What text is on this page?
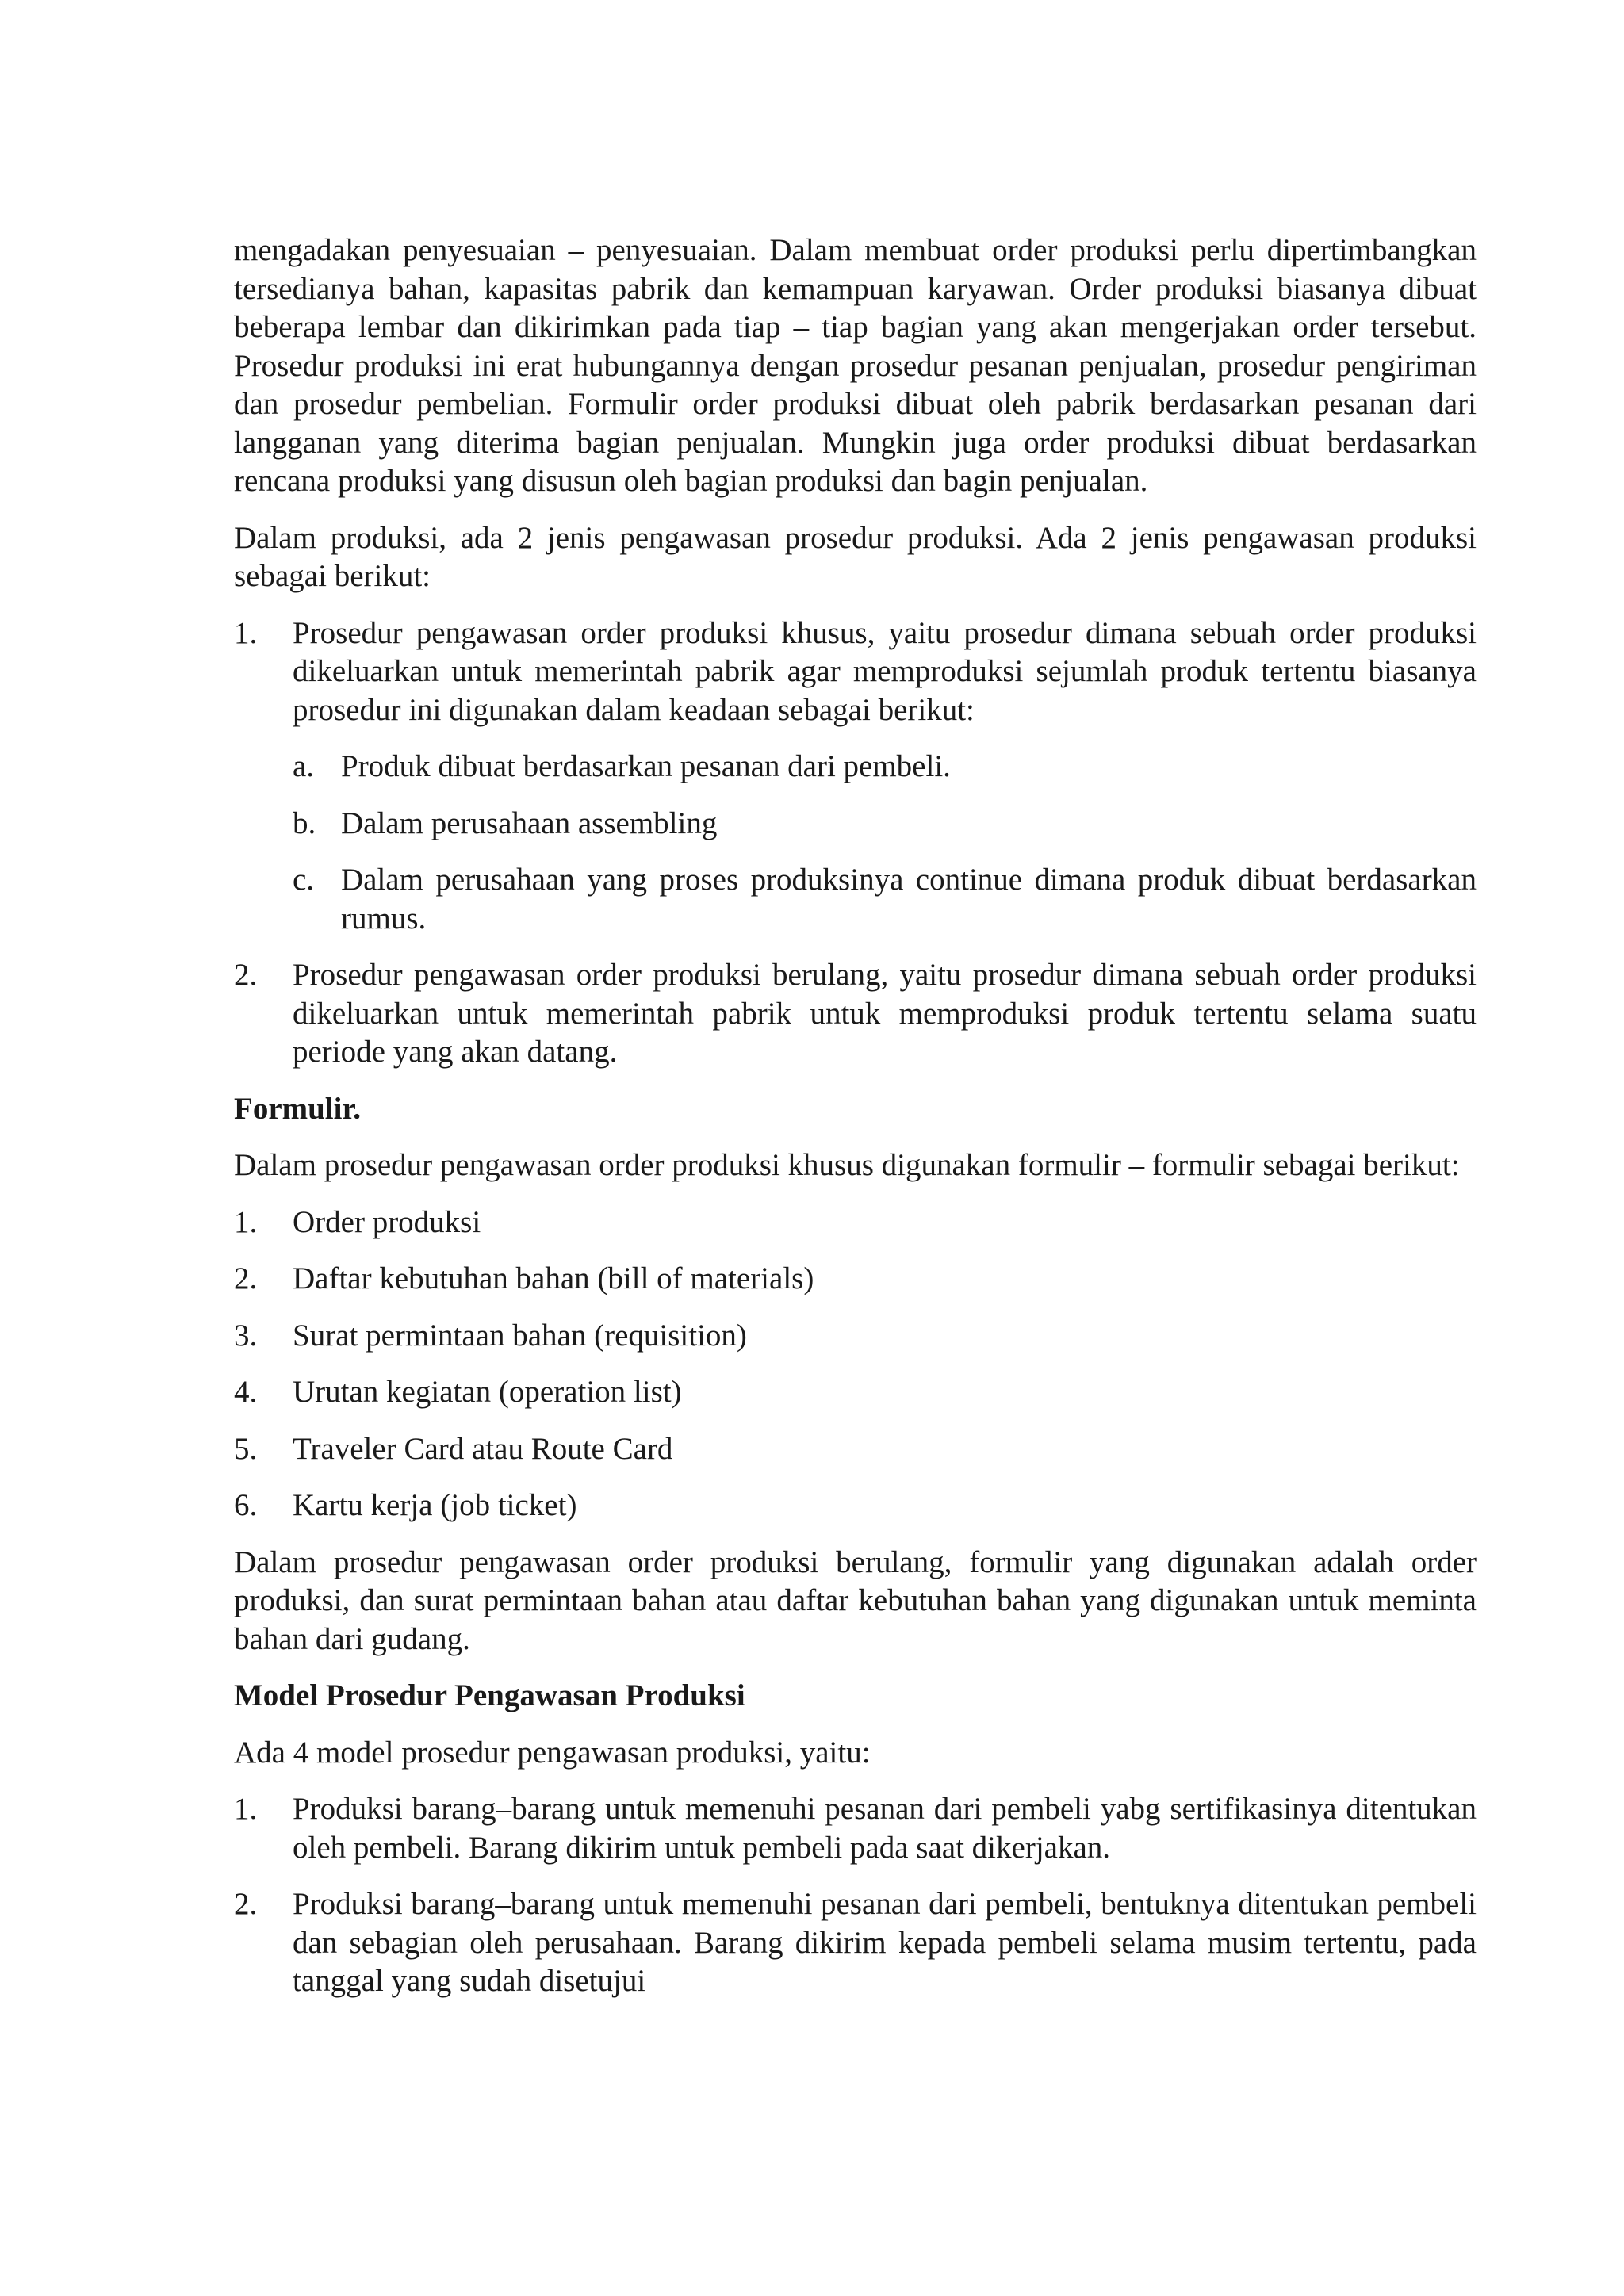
mengadakan penyesuaian – penyesuaian. Dalam membuat order produksi perlu dipertimbangkan tersedianya bahan, kapasitas pabrik dan kemampuan karyawan. Order produksi biasanya dibuat beberapa lembar dan dikirimkan pada tiap – tiap bagian yang akan mengerjakan order tersebut. Prosedur produksi ini erat hubungannya dengan prosedur pesanan penjualan, prosedur pengiriman dan prosedur pembelian. Formulir order produksi dibuat oleh pabrik berdasarkan pesanan dari langganan yang diterima bagian penjualan. Mungkin juga order produksi dibuat berdasarkan rencana produksi yang disusun oleh bagian produksi dan bagin penjualan.

Dalam produksi, ada 2 jenis pengawasan prosedur produksi. Ada 2 jenis pengawasan produksi sebagai berikut:

1.	Prosedur pengawasan order produksi khusus, yaitu prosedur dimana sebuah order produksi dikeluarkan untuk memerintah pabrik agar memproduksi sejumlah produk tertentu biasanya prosedur ini digunakan dalam keadaan sebagai berikut:
a. Produk dibuat berdasarkan pesanan dari pembeli.
b. Dalam perusahaan assembling
c. Dalam perusahaan yang proses produksinya continue dimana produk dibuat berdasarkan rumus.
2.	Prosedur pengawasan order produksi berulang, yaitu prosedur dimana sebuah order produksi dikeluarkan untuk memerintah pabrik untuk memproduksi produk tertentu selama suatu periode yang akan datang.

Formulir.

Dalam prosedur pengawasan order produksi khusus digunakan formulir – formulir sebagai berikut:

1.	Order produksi
2.	Daftar kebutuhan bahan (bill of materials)
3.	Surat permintaan bahan (requisition)
4.	Urutan kegiatan (operation list)
5.	Traveler Card atau Route Card
6.	Kartu kerja (job ticket)

Dalam prosedur pengawasan order produksi berulang, formulir yang digunakan adalah order produksi, dan surat permintaan bahan atau daftar kebutuhan bahan yang digunakan untuk meminta bahan dari gudang.

Model Prosedur Pengawasan Produksi

Ada 4 model prosedur pengawasan produksi, yaitu:

1.	Produksi barang–barang untuk memenuhi pesanan dari pembeli yabg sertifikasinya ditentukan oleh pembeli. Barang dikirim untuk pembeli pada saat dikerjakan.
2.	Produksi barang–barang untuk memenuhi pesanan dari pembeli, bentuknya ditentukan pembeli dan sebagian oleh perusahaan. Barang dikirim kepada pembeli selama musim tertentu, pada tanggal yang sudah disetujui
